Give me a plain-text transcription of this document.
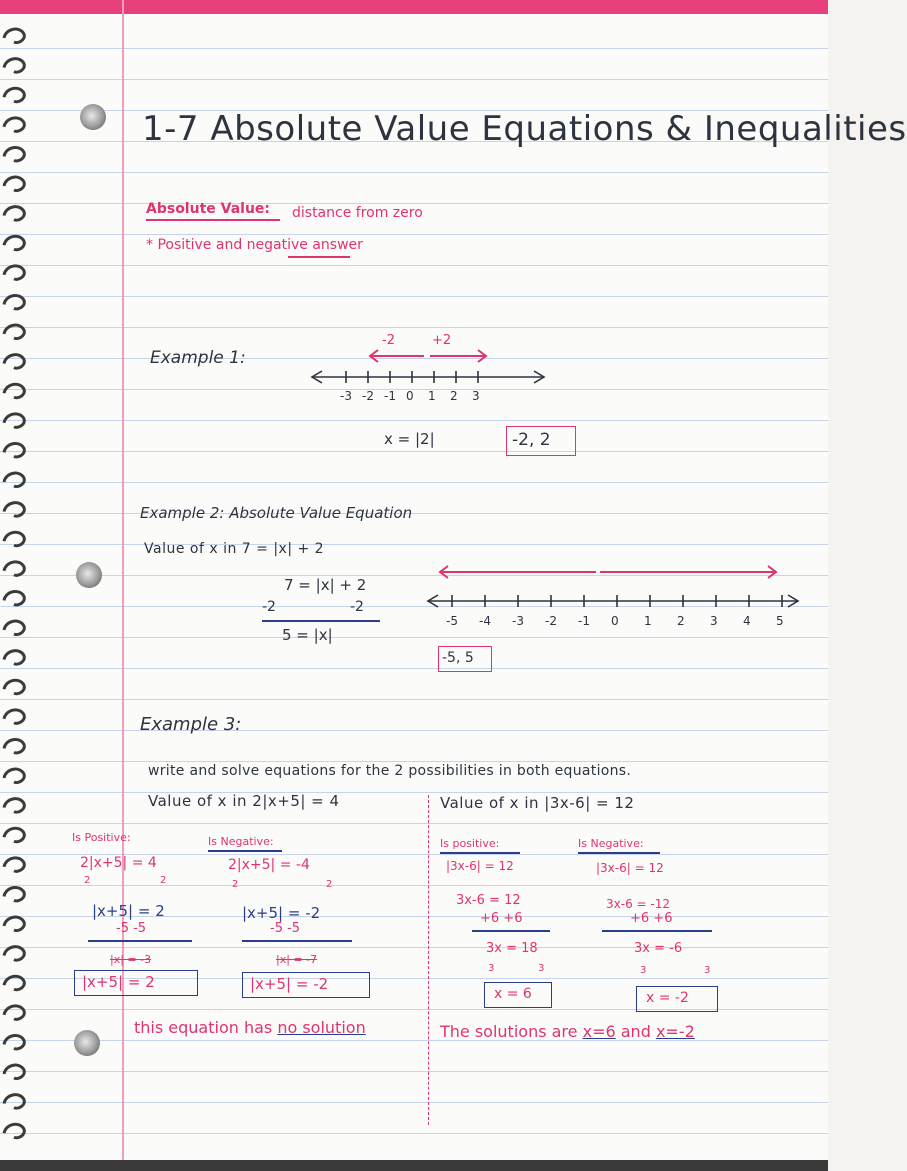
1-7 Absolute Value Equations & Inequalities
Absolute Value: distance from zero
* Positive and negative answer
Example 1:
-2	+2
-3 -2 -1 0 1 2 3
x = |2|	-2, 2
Example 2: Absolute Value Equation
Value of x in 7 = |x| + 2
7 = |x| + 2
-2	-2
5 = |x|
-5 -4 -3 -2 -1 0 1 2 3 4 5
-5, 5
Example 3:
write and solve equations for the 2 possibilities in both equations.
Value of x in 2|x+5| = 4	Value of x in |3x-6| = 12
Is Positive:
2|x+5| = 4
2	2
|x+5| = 2
-5 -5
|x| = -3
|x+5| = 2
Is Negative:
2|x+5| = -4
2	2
|x+5| = -2
-5 -5
|x| = -7
|x+5| = -2
Is positive:
|3x-6| = 12
3x-6 = 12
+6 +6
3x = 18
3	3
x = 6
Is Negative:
|3x-6| = 12
3x-6 = -12
+6 +6
3x = -6
3	3
x = -2
this equation has no solution	The solutions are x=6 and x=-2
